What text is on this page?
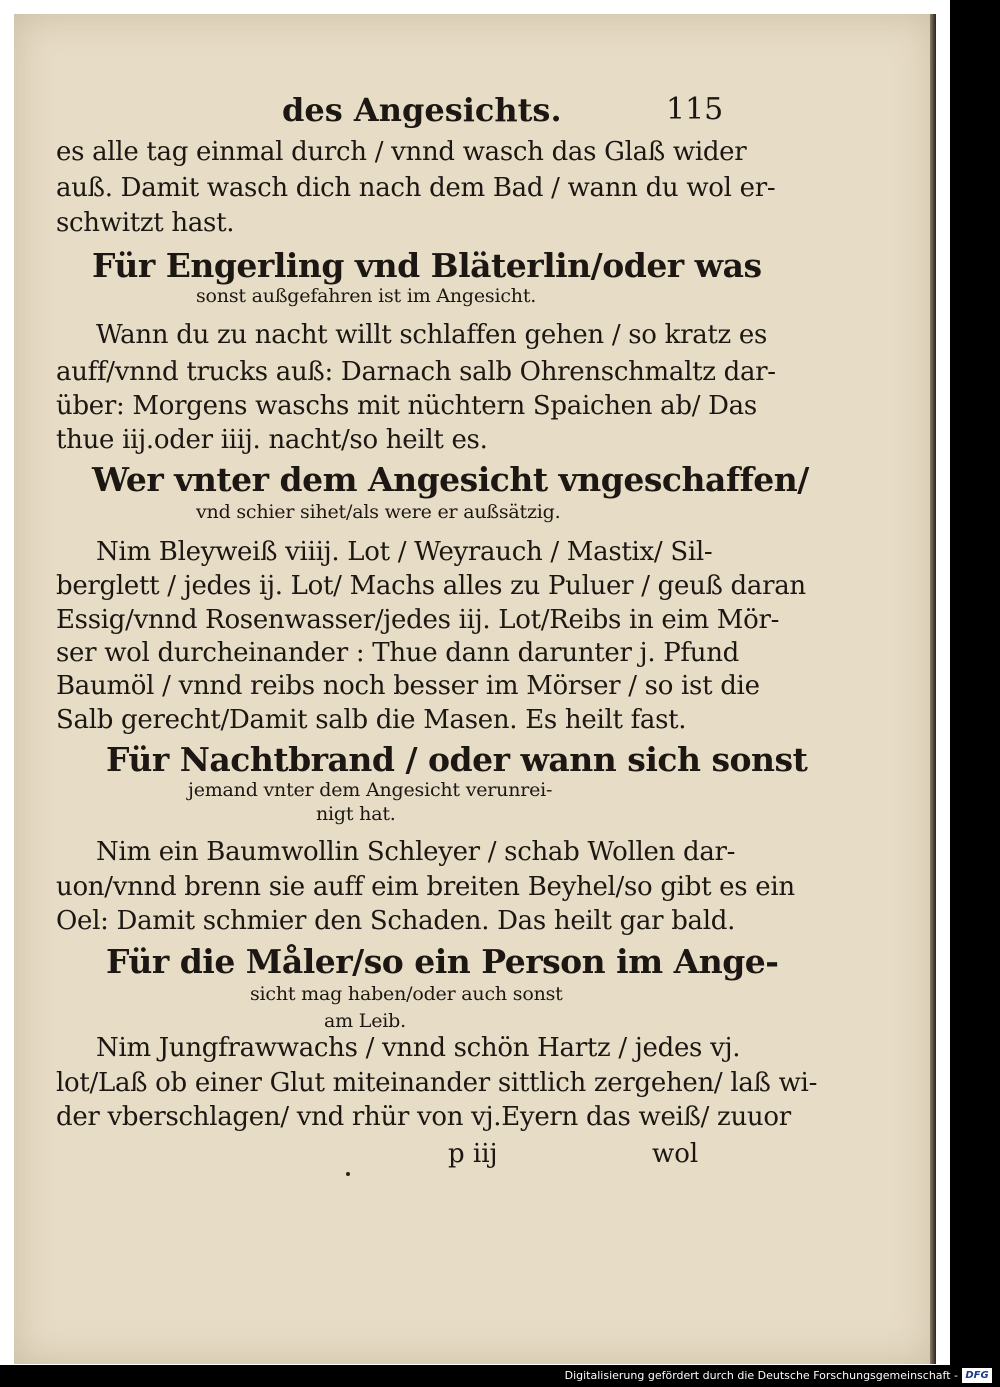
des Angesichts.	115
es alle tag einmal durch / vnnd wasch das Glaß wider
auß. Damit wasch dich nach dem Bad / wann du wol er-
schwitzt hast.
Für Engerling vnd Bläterlin/oder was
sonst außgefahren ist im Angesicht.
Wann du zu nacht willt schlaffen gehen / so kratz es
auff/vnnd trucks auß: Darnach salb Ohrenschmaltz dar-
über: Morgens waschs mit nüchtern Spaichen ab/ Das
thue iij.oder iiij. nacht/so heilt es.
Wer vnter dem Angesicht vngeschaffen/
vnd schier sihet/als were er außsätzig.
Nim Bleyweiß viiij. Lot / Weyrauch / Mastix/ Sil-
berglett / jedes ij. Lot/ Machs alles zu Puluer / geuß daran
Essig/vnnd Rosenwasser/jedes iij. Lot/Reibs in eim Mör-
ser wol durcheinander : Thue dann darunter j. Pfund
Baumöl / vnnd reibs noch besser im Mörser / so ist die
Salb gerecht/Damit salb die Masen. Es heilt fast.
Für Nachtbrand / oder wann sich sonst
jemand vnter dem Angesicht verunrei-
nigt hat.
Nim ein Baumwollin Schleyer / schab Wollen dar-
uon/vnnd brenn sie auff eim breiten Beyhel/so gibt es ein
Oel: Damit schmier den Schaden. Das heilt gar bald.
Für die Måler/so ein Person im Ange-
sicht mag haben/oder auch sonst
am Leib.
Nim Jungfrawwachs / vnnd schön Hartz / jedes vj.
lot/Laß ob einer Glut miteinander sittlich zergehen/ laß wi-
der vberschlagen/ vnd rhür von vj.Eyern das weiß/ zuuor
p iij	wol
Digitalisierung gefördert durch die Deutsche Forschungsgemeinschaft - DFG
